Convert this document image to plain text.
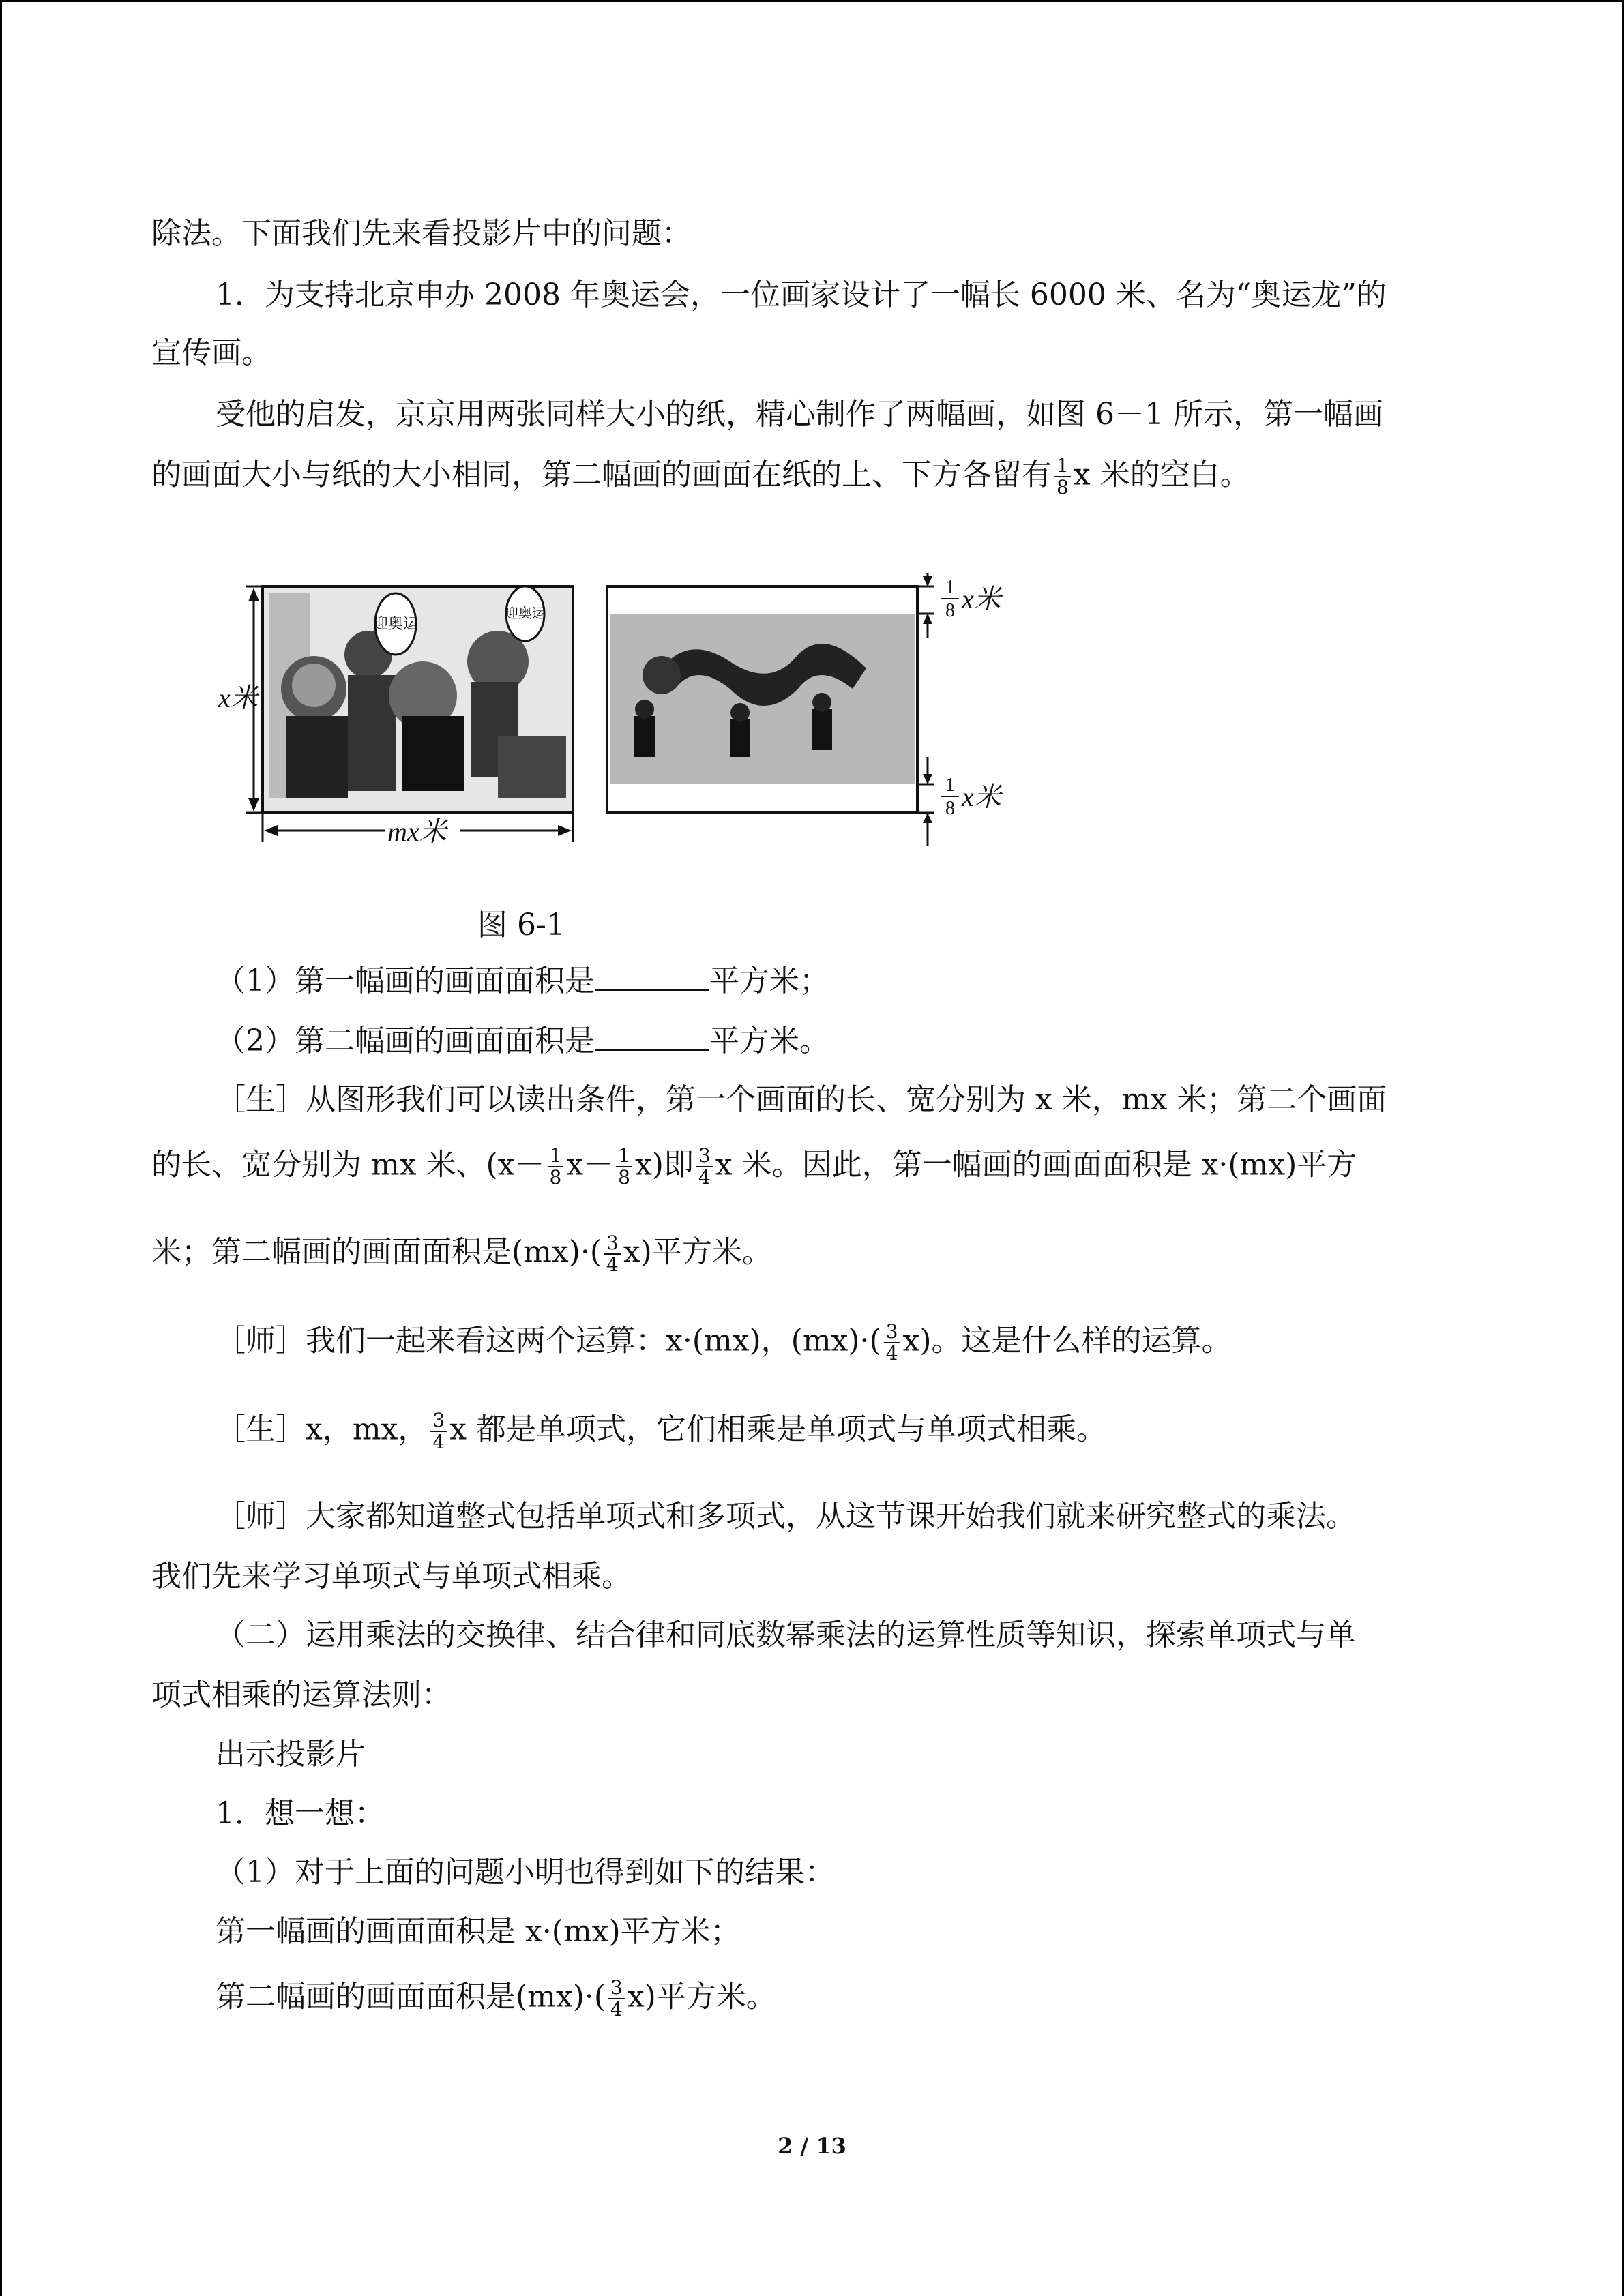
除法。下面我们先来看投影片中的问题：
1．为支持北京申办 2008 年奥运会，一位画家设计了一幅长 6000 米、名为“奥运龙”的
宣传画。
受他的启发，京京用两张同样大小的纸，精心制作了两幅画，如图 6－1 所示，第一幅画
的画面大小与纸的大小相同，第二幅画的画面在纸的上、下方各留有 $\frac{1}{8}$ x 米的空白。
迎奥运
迎奥运
x米
mx米
1
8 x米
1
8 x米
图 6-1
（1）第一幅画的画面面积是	平方米；
（2）第二幅画的画面面积是	平方米。
［生］从图形我们可以读出条件，第一个画面的长、宽分别为 x 米，mx 米；第二个画面
的长、宽分别为 mx 米、$(x- \frac{1}{8} x- \frac{1}{8} x)$即 $\frac{3}{4}$ x 米。因此，第一幅画的画面面积是 x·(mx)平方
米；第二幅画的画面面积是$(mx)\cdot( \frac{3}{4} x)$平方米。
［师］我们一起来看这两个运算：x·(mx)，$(mx)\cdot( \frac{3}{4} x)$。这是什么样的运算。
［生］x，mx， $\frac{3}{4}$ x 都是单项式，它们相乘是单项式与单项式相乘。
［师］大家都知道整式包括单项式和多项式，从这节课开始我们就来研究整式的乘法。
我们先来学习单项式与单项式相乘。
（二）运用乘法的交换律、结合律和同底数幂乘法的运算性质等知识，探索单项式与单
项式相乘的运算法则：
出示投影片
1．想一想：
（1）对于上面的问题小明也得到如下的结果：
第一幅画的画面面积是 x·(mx)平方米；
第二幅画的画面面积是$(mx)\cdot( \frac{3}{4} x)$平方米。
2 / 13
